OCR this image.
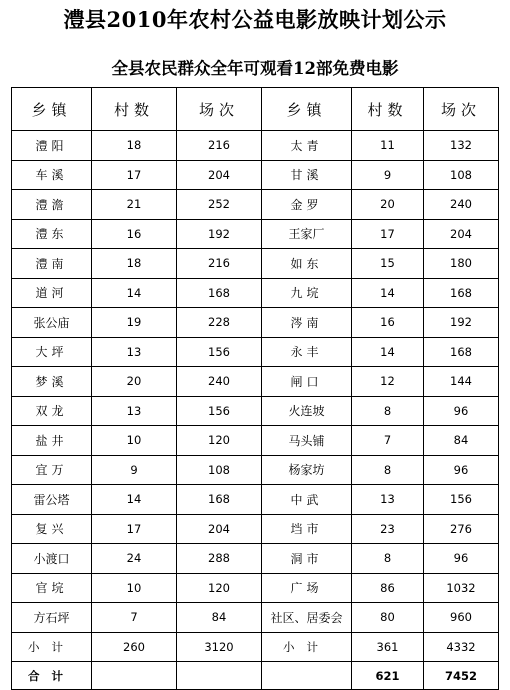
澧县2010年农村公益电影放映计划公示
全县农民群众全年可观看12部免费电影
乡镇	村数	场次	乡镇	村数	场次
澧阳	18	216	太青	11	132
车溪	17	204	甘溪	9	108
澧澹	21	252	金罗	20	240
澧东	16	192	王家厂	17	204
澧南	18	216	如东	15	180
道河	14	168	九垸	14	168
张公庙	19	228	涔南	16	192
大坪	13	156	永丰	14	168
梦溪	20	240	闸口	12	144
双龙	13	156	火连坡	8	96
盐井	10	120	马头铺	7	84
宜万	9	108	杨家坊	8	96
雷公塔	14	168	中武	13	156
复兴	17	204	垱市	23	276
小渡口	24	288	洞市	8	96
官垸	10	120	广场	86	1032
方石坪	7	84	社区、居委会	80	960
小计	260	3120	小计	361	4332
合计				621	7452
